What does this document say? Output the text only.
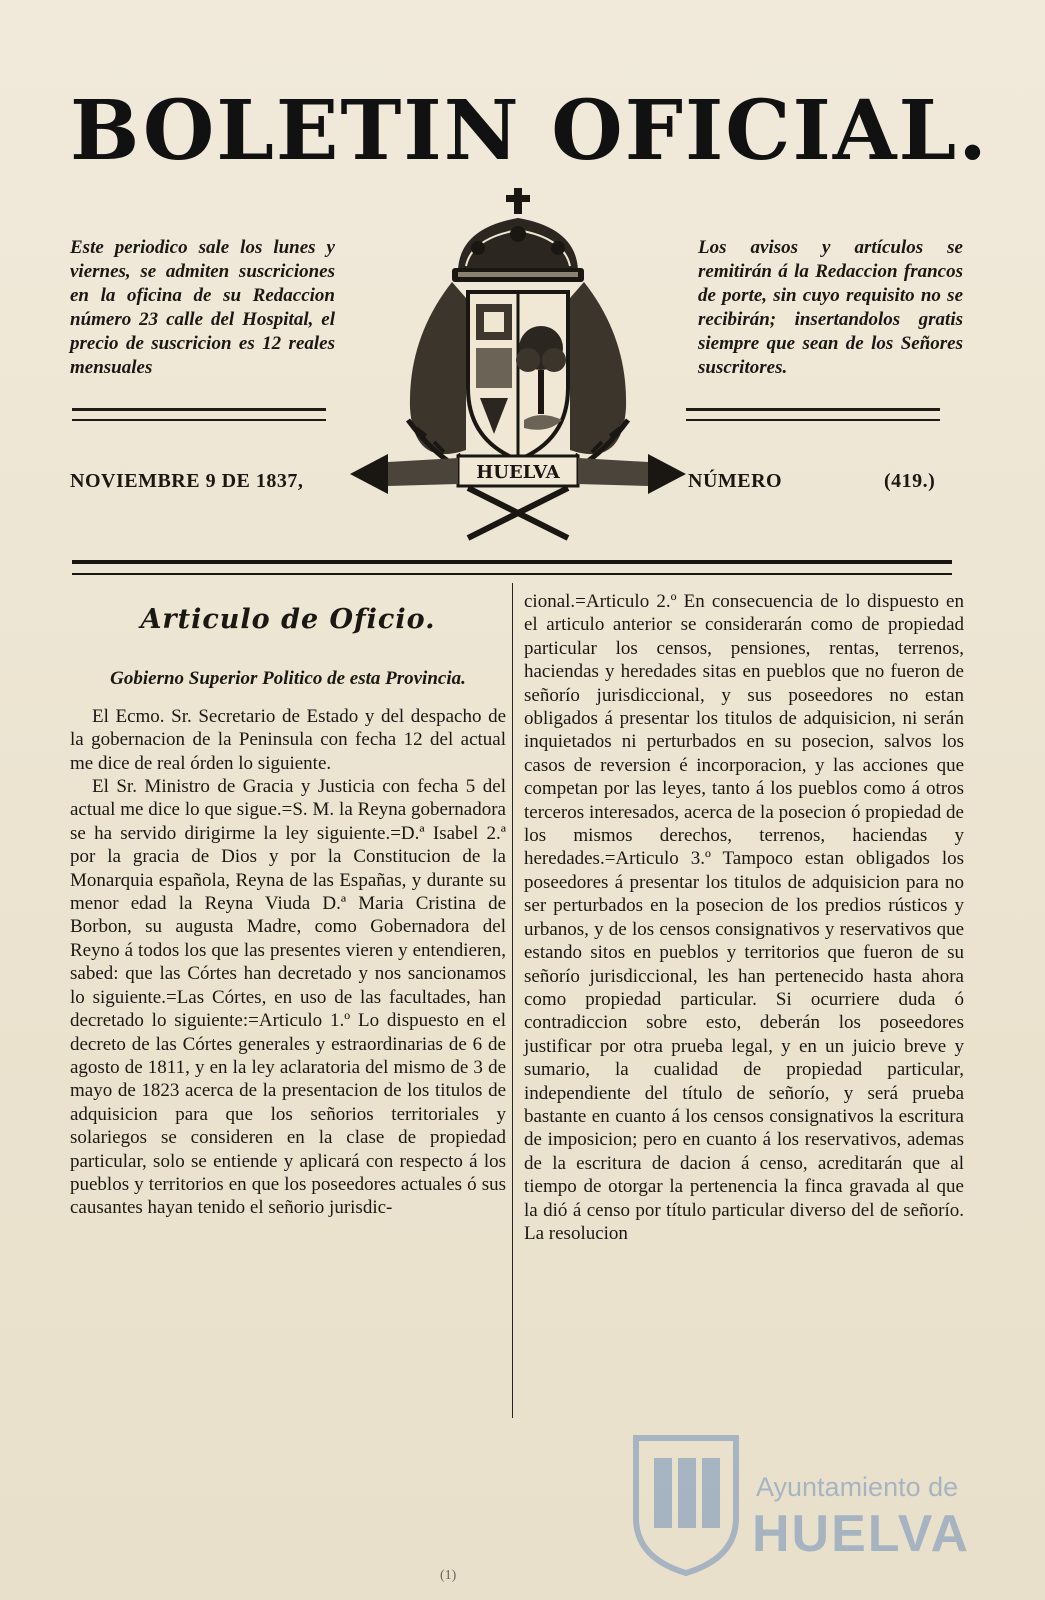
BOLETIN OFICIAL.
Este periodico sale los lunes y viernes, se admiten suscriciones en la oficina de su Redaccion número 23 calle del Hospital, el precio de suscricion es 12 reales mensuales
Los avisos y artículos se remitirán á la Redaccion francos de porte, sin cuyo requisito no se recibirán; insertandolos gratis siempre que sean de los Señores suscritores.
HUELVA
NOVIEMBRE 9 DE 1837,	NÚMERO	(419.)
Articulo de Oficio.
Gobierno Superior Politico de esta Provincia.

El Ecmo. Sr. Secretario de Estado y del despacho de la gobernacion de la Peninsula con fecha 12 del actual me dice de real órden lo siguiente.

El Sr. Ministro de Gracia y Justicia con fecha 5 del actual me dice lo que sigue.=S. M. la Reyna gobernadora se ha servido dirigirme la ley siguiente.=D.ª Isabel 2.ª por la gracia de Dios y por la Constitucion de la Monarquia española, Reyna de las Españas, y durante su menor edad la Reyna Viuda D.ª Maria Cristina de Borbon, su augusta Madre, como Gobernadora del Reyno á todos los que las presentes vieren y entendieren, sabed: que las Córtes han decretado y nos sancionamos lo siguiente.=Las Córtes, en uso de las facultades, han decretado lo siguiente:=Articulo 1.º Lo dispuesto en el decreto de las Córtes generales y estraordinarias de 6 de agosto de 1811, y en la ley aclaratoria del mismo de 3 de mayo de 1823 acerca de la presentacion de los titulos de adquisicion para que los señorios territoriales y solariegos se consideren en la clase de propiedad particular, solo se entiende y aplicará con respecto á los pueblos y territorios en que los poseedores actuales ó sus causantes hayan tenido el señorio jurisdic-

cional.=Articulo 2.º En consecuencia de lo dispuesto en el articulo anterior se considerarán como de propiedad particular los censos, pensiones, rentas, terrenos, haciendas y heredades sitas en pueblos que no fueron de señorío jurisdiccional, y sus poseedores no estan obligados á presentar los titulos de adquisicion, ni serán inquietados ni perturbados en su posecion, salvos los casos de reversion é incorporacion, y las acciones que competan por las leyes, tanto á los pueblos como á otros terceros interesados, acerca de la posecion ó propiedad de los mismos derechos, terrenos, haciendas y heredades.=Articulo 3.º Tampoco estan obligados los poseedores á presentar los titulos de adquisicion para no ser perturbados en la posecion de los predios rústicos y urbanos, y de los censos consignativos y reservativos que estando sitos en pueblos y territorios que fueron de su señorío jurisdiccional, les han pertenecido hasta ahora como propiedad particular. Si ocurriere duda ó contradiccion sobre esto, deberán los poseedores justificar por otra prueba legal, y en un juicio breve y sumario, la cualidad de propiedad particular, independiente del título de señorío, y será prueba bastante en cuanto á los censos consignativos la escritura de imposicion; pero en cuanto á los reservativos, ademas de la escritura de dacion á censo, acreditarán que al tiempo de otorgar la pertenencia la finca gravada al que la dió á censo por título particular diverso del de señorío. La resolucion

(1)
Ayuntamiento de
HUELVA
